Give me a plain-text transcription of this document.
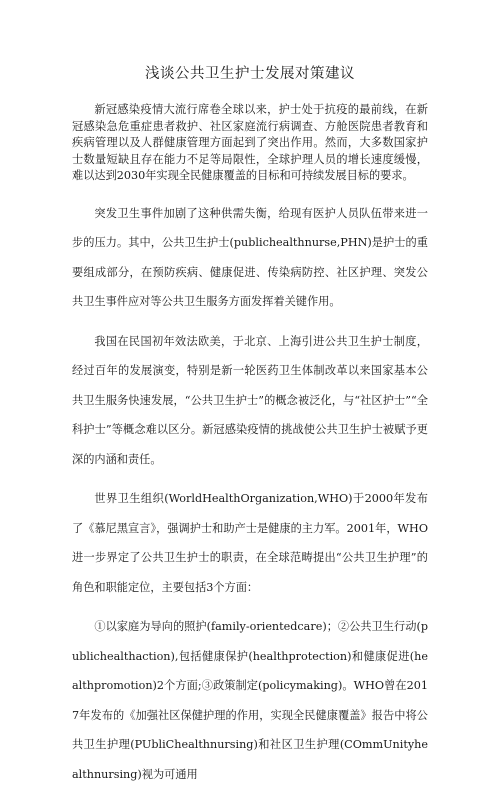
浅谈公共卫生护士发展对策建议

新冠感染疫情大流行席卷全球以来，护士处于抗疫的最前线，在新冠感染急危重症患者救护、社区家庭流行病调查、方舱医院患者教育和疾病管理以及人群健康管理方面起到了突出作用。然而，大多数国家护士数量短缺且存在能力不足等局限性，全球护理人员的增长速度缓慢，难以达到2030年实现全民健康覆盖的目标和可持续发展目标的要求。

突发卫生事件加剧了这种供需失衡，给现有医护人员队伍带来进一步的压力。其中，公共卫生护士(publichealthnurse,PHN)是护士的重要组成部分，在预防疾病、健康促进、传染病防控、社区护理、突发公共卫生事件应对等公共卫生服务方面发挥着关键作用。

我国在民国初年效法欧美，于北京、上海引进公共卫生护士制度，经过百年的发展演变，特别是新一轮医药卫生体制改革以来国家基本公共卫生服务快速发展，“公共卫生护士”的概念被泛化，与“社区护士”“全科护士”等概念难以区分。新冠感染疫情的挑战使公共卫生护士被赋予更深的内涵和责任。

世界卫生组织(WorldHealthOrganization,WHO)于2000年发布了《慕尼黑宣言》，强调护士和助产士是健康的主力军。2001年，WHO进一步界定了公共卫生护士的职责，在全球范畴提出“公共卫生护理”的角色和职能定位，主要包括3个方面：

①以家庭为导向的照护(family-orientedcare)；②公共卫生行动(publichealthaction),包括健康保护(healthprotection)和健康促进(healthpromotion)2个方面;③政策制定(policymaking)。WHO曾在2017年发布的《加强社区保健护理的作用，实现全民健康覆盖》报告中将公共卫生护理(PUbliChealthnursing)和社区卫生护理(COmmUnityhealthnursing)视为可通用
